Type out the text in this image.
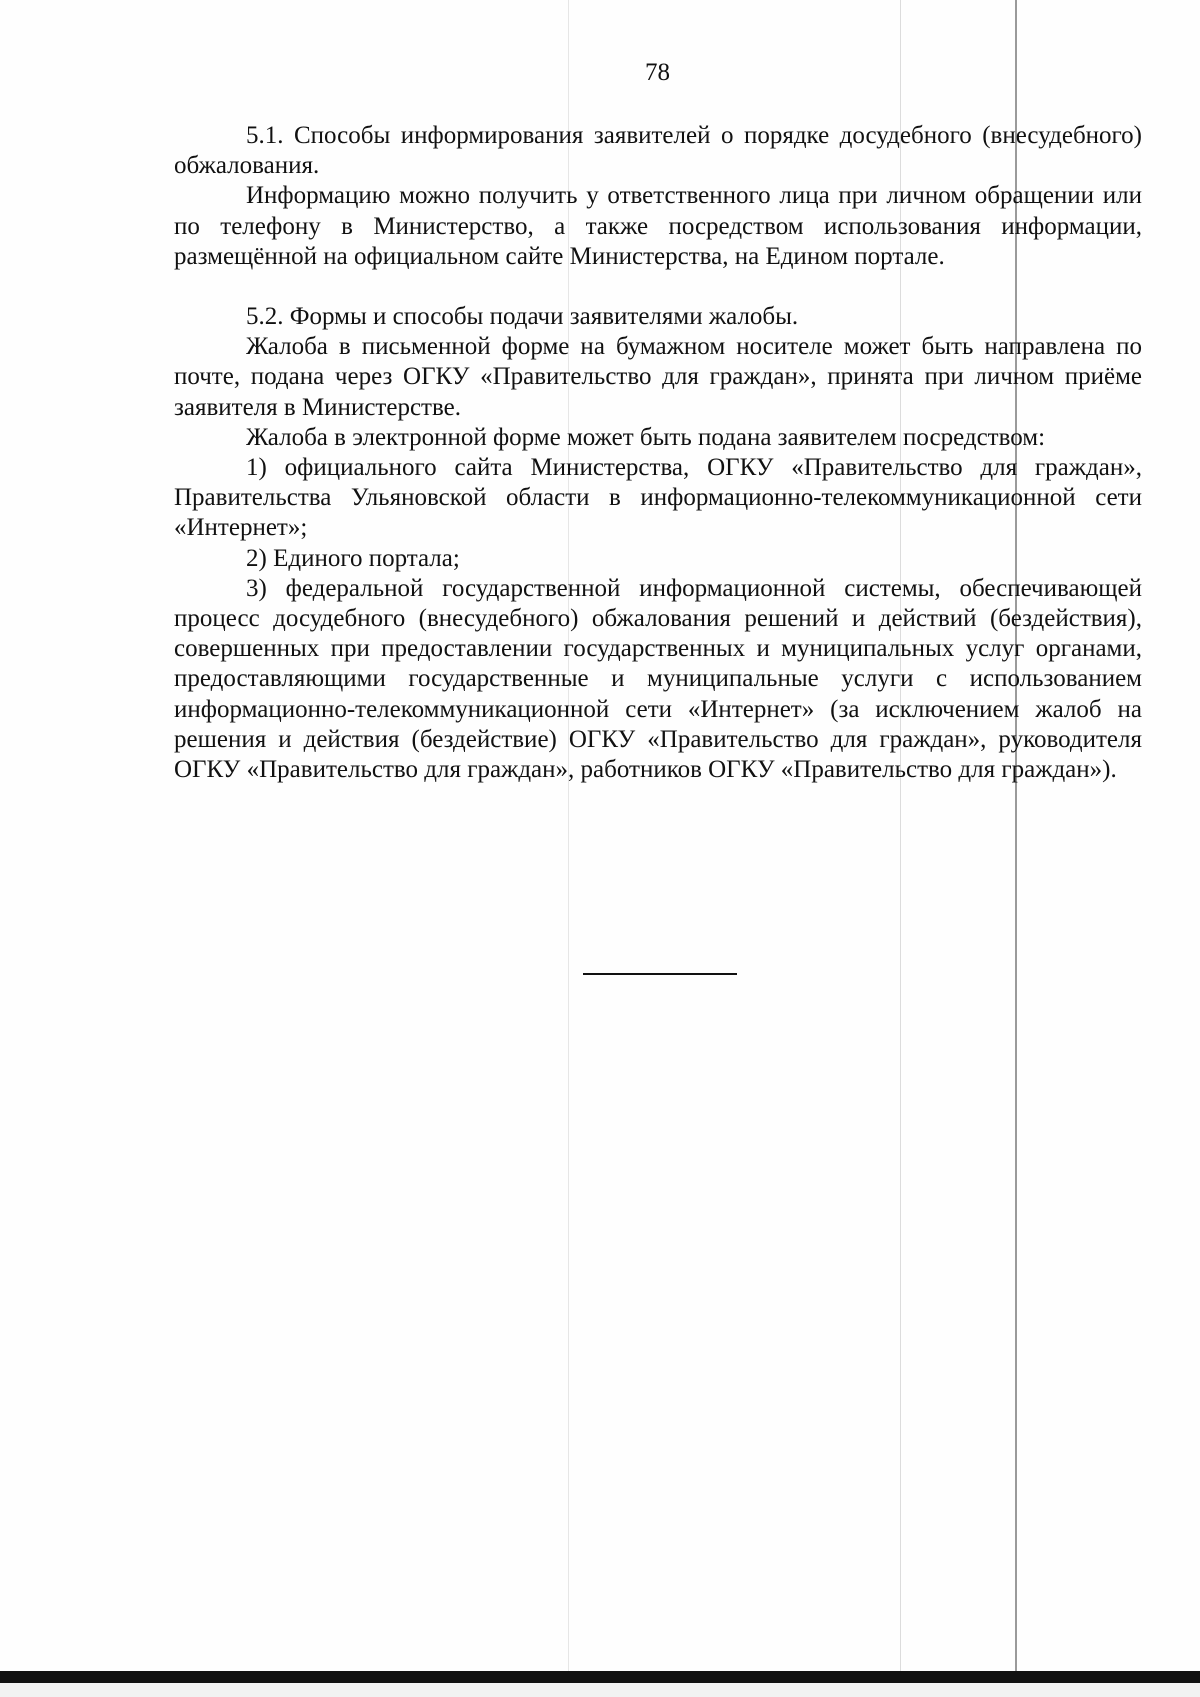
78

5.1. Способы информирования заявителей о порядке досудебного (внесудебного) обжалования.

Информацию можно получить у ответственного лица при личном обращении или по телефону в Министерство, а также посредством использования информации, размещённой на официальном сайте Министерства, на Едином портале.

5.2. Формы и способы подачи заявителями жалобы.

Жалоба в письменной форме на бумажном носителе может быть направлена по почте, подана через ОГКУ «Правительство для граждан», принята при личном приёме заявителя в Министерстве.

Жалоба в электронной форме может быть подана заявителем посредством:

1) официального сайта Министерства, ОГКУ «Правительство для граждан», Правительства Ульяновской области в информационно-телекоммуникационной сети «Интернет»;

2) Единого портала;

3) федеральной государственной информационной системы, обеспечивающей процесс досудебного (внесудебного) обжалования решений и действий (бездействия), совершенных при предоставлении государственных и муниципальных услуг органами, предоставляющими государственные и муниципальные услуги с использованием информационно-телекоммуникационной сети «Интернет» (за исключением жалоб на решения и действия (бездействие) ОГКУ «Правительство для граждан», руководителя ОГКУ «Правительство для граждан», работников ОГКУ «Правительство для граждан»).
